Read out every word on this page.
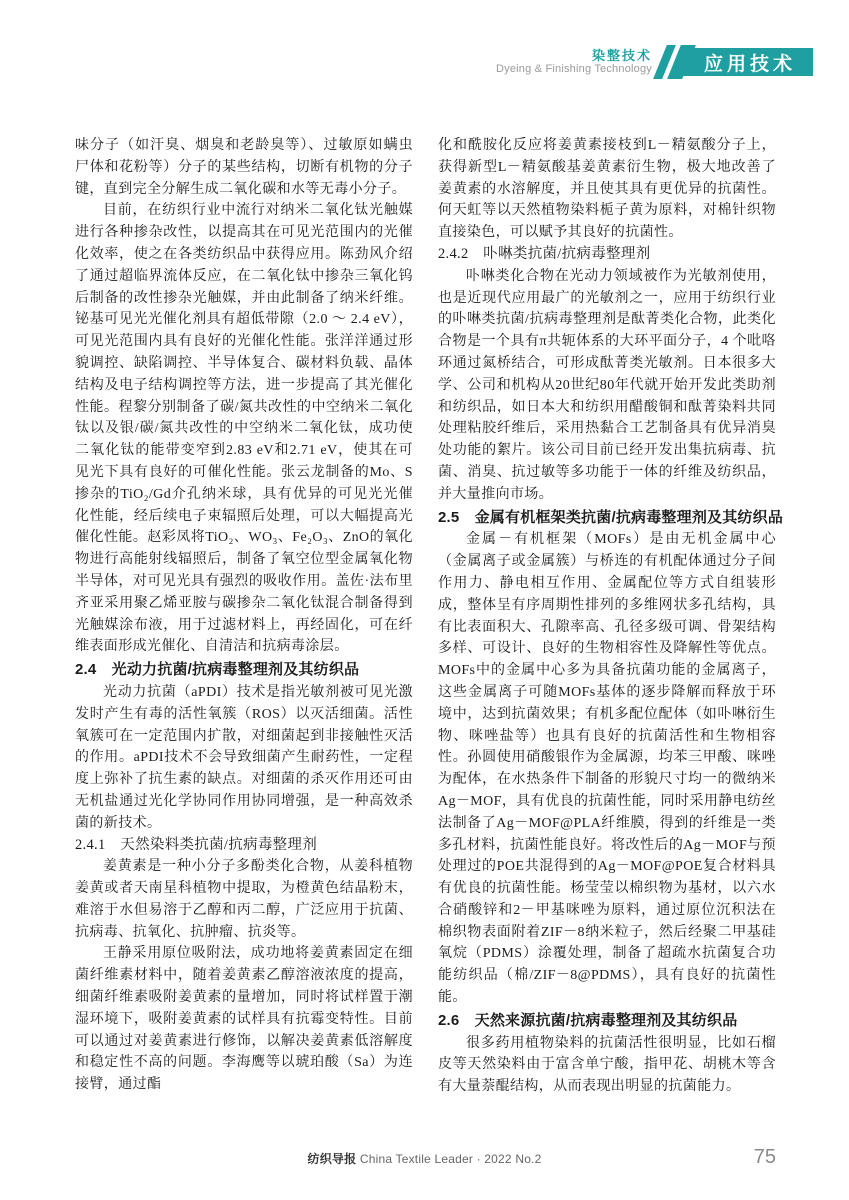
染整技术
Dyeing & Finishing Technology	应用技术
味分子（如汗臭、烟臭和老龄臭等）、过敏原如螨虫尸体和花粉等）分子的某些结构，切断有机物的分子键，直到完全分解生成二氧化碳和水等无毒小分子。
目前，在纺织行业中流行对纳米二氧化钛光触媒进行各种掺杂改性，以提高其在可见光范围内的光催化效率，使之在各类纺织品中获得应用。陈劲风介绍了通过超临界流体反应，在二氧化钛中掺杂三氧化钨后制备的改性掺杂光触媒，并由此制备了纳米纤维。铋基可见光光催化剂具有超低带隙（2.0 ～ 2.4 eV），可见光范围内具有良好的光催化性能。张洋洋通过形貌调控、缺陷调控、半导体复合、碳材料负载、晶体结构及电子结构调控等方法，进一步提高了其光催化性能。程黎分别制备了碳/氮共改性的中空纳米二氧化钛以及银/碳/氮共改性的中空纳米二氧化钛，成功使二氧化钛的能带变窄到2.83 eV和2.71 eV，使其在可见光下具有良好的可催化性能。张云龙制备的Mo、S掺杂的TiO₂/Gd介孔纳米球，具有优异的可见光光催化性能，经后续电子束辐照后处理，可以大幅提高光催化性能。赵彩凤将TiO₂、WO₃、Fe₂O₃、ZnO的氧化物进行高能射线辐照后，制备了氧空位型金属氧化物半导体，对可见光具有强烈的吸收作用。盖佐·法布里齐亚采用聚乙烯亚胺与碳掺杂二氧化钛混合制备得到光触媒涂布液，用于过滤材料上，再经固化，可在纤维表面形成光催化、自清洁和抗病毒涂层。
2.4　光动力抗菌/抗病毒整理剂及其纺织品
光动力抗菌（aPDI）技术是指光敏剂被可见光激发时产生有毒的活性氧簇（ROS）以灭活细菌。活性氧簇可在一定范围内扩散，对细菌起到非接触性灭活的作用。aPDI技术不会导致细菌产生耐药性，一定程度上弥补了抗生素的缺点。对细菌的杀灭作用还可由无机盐通过光化学协同作用协同增强，是一种高效杀菌的新技术。
2.4.1　天然染料类抗菌/抗病毒整理剂
姜黄素是一种小分子多酚类化合物，从姜科植物姜黄或者天南星科植物中提取，为橙黄色结晶粉末，难溶于水但易溶于乙醇和丙二醇，广泛应用于抗菌、抗病毒、抗氧化、抗肿瘤、抗炎等。
王静采用原位吸附法，成功地将姜黄素固定在细菌纤维素材料中，随着姜黄素乙醇溶液浓度的提高，细菌纤维素吸附姜黄素的量增加，同时将试样置于潮湿环境下，吸附姜黄素的试样具有抗霉变特性。目前可以通过对姜黄素进行修饰，以解决姜黄素低溶解度和稳定性不高的问题。李海鹰等以琥珀酸（Sa）为连接臂，通过酯
化和酰胺化反应将姜黄素接枝到L－精氨酸分子上，获得新型L－精氨酸基姜黄素衍生物，极大地改善了姜黄素的水溶解度，并且使其具有更优异的抗菌性。何天虹等以天然植物染料栀子黄为原料，对棉针织物直接染色，可以赋予其良好的抗菌性。
2.4.2　卟啉类抗菌/抗病毒整理剂
卟啉类化合物在光动力领域被作为光敏剂使用，也是近现代应用最广的光敏剂之一，应用于纺织行业的卟啉类抗菌/抗病毒整理剂是酞菁类化合物，此类化合物是一个具有π共轭体系的大环平面分子，4 个吡咯环通过氮桥结合，可形成酞菁类光敏剂。日本很多大学、公司和机构从20世纪80年代就开始开发此类助剂和纺织品，如日本大和纺织用醋酸铜和酞菁染料共同处理粘胶纤维后，采用热黏合工艺制备具有优异消臭处功能的絮片。该公司目前已经开发出集抗病毒、抗菌、消臭、抗过敏等多功能于一体的纤维及纺织品，并大量推向市场。
2.5　金属有机框架类抗菌/抗病毒整理剂及其纺织品
金属－有机框架（MOFs）是由无机金属中心（金属离子或金属簇）与桥连的有机配体通过分子间作用力、静电相互作用、金属配位等方式自组装形成，整体呈有序周期性排列的多维网状多孔结构，具有比表面积大、孔隙率高、孔径多级可调、骨架结构多样、可设计、良好的生物相容性及降解性等优点。MOFs中的金属中心多为具备抗菌功能的金属离子，这些金属离子可随MOFs基体的逐步降解而释放于环境中，达到抗菌效果；有机多配位配体（如卟啉衍生物、咪唑盐等）也具有良好的抗菌活性和生物相容性。孙圆使用硝酸银作为金属源，均苯三甲酸、咪唑为配体，在水热条件下制备的形貌尺寸均一的微纳米Ag－MOF，具有优良的抗菌性能，同时采用静电纺丝法制备了Ag－MOF@PLA纤维膜，得到的纤维是一类多孔材料，抗菌性能良好。将改性后的Ag－MOF与预处理过的POE共混得到的Ag－MOF@POE复合材料具有优良的抗菌性能。杨莹莹以棉织物为基材，以六水合硝酸锌和2－甲基咪唑为原料，通过原位沉积法在棉织物表面附着ZIF－8纳米粒子，然后经聚二甲基硅氧烷（PDMS）涂覆处理，制备了超疏水抗菌复合功能纺织品（棉/ZIF－8@PDMS），具有良好的抗菌性能。
2.6　天然来源抗菌/抗病毒整理剂及其纺织品
很多药用植物染料的抗菌活性很明显，比如石榴皮等天然染料由于富含单宁酸，指甲花、胡桃木等含有大量萘醌结构，从而表现出明显的抗菌能力。
纺织导报 China Textile Leader · 2022 No.2	75
